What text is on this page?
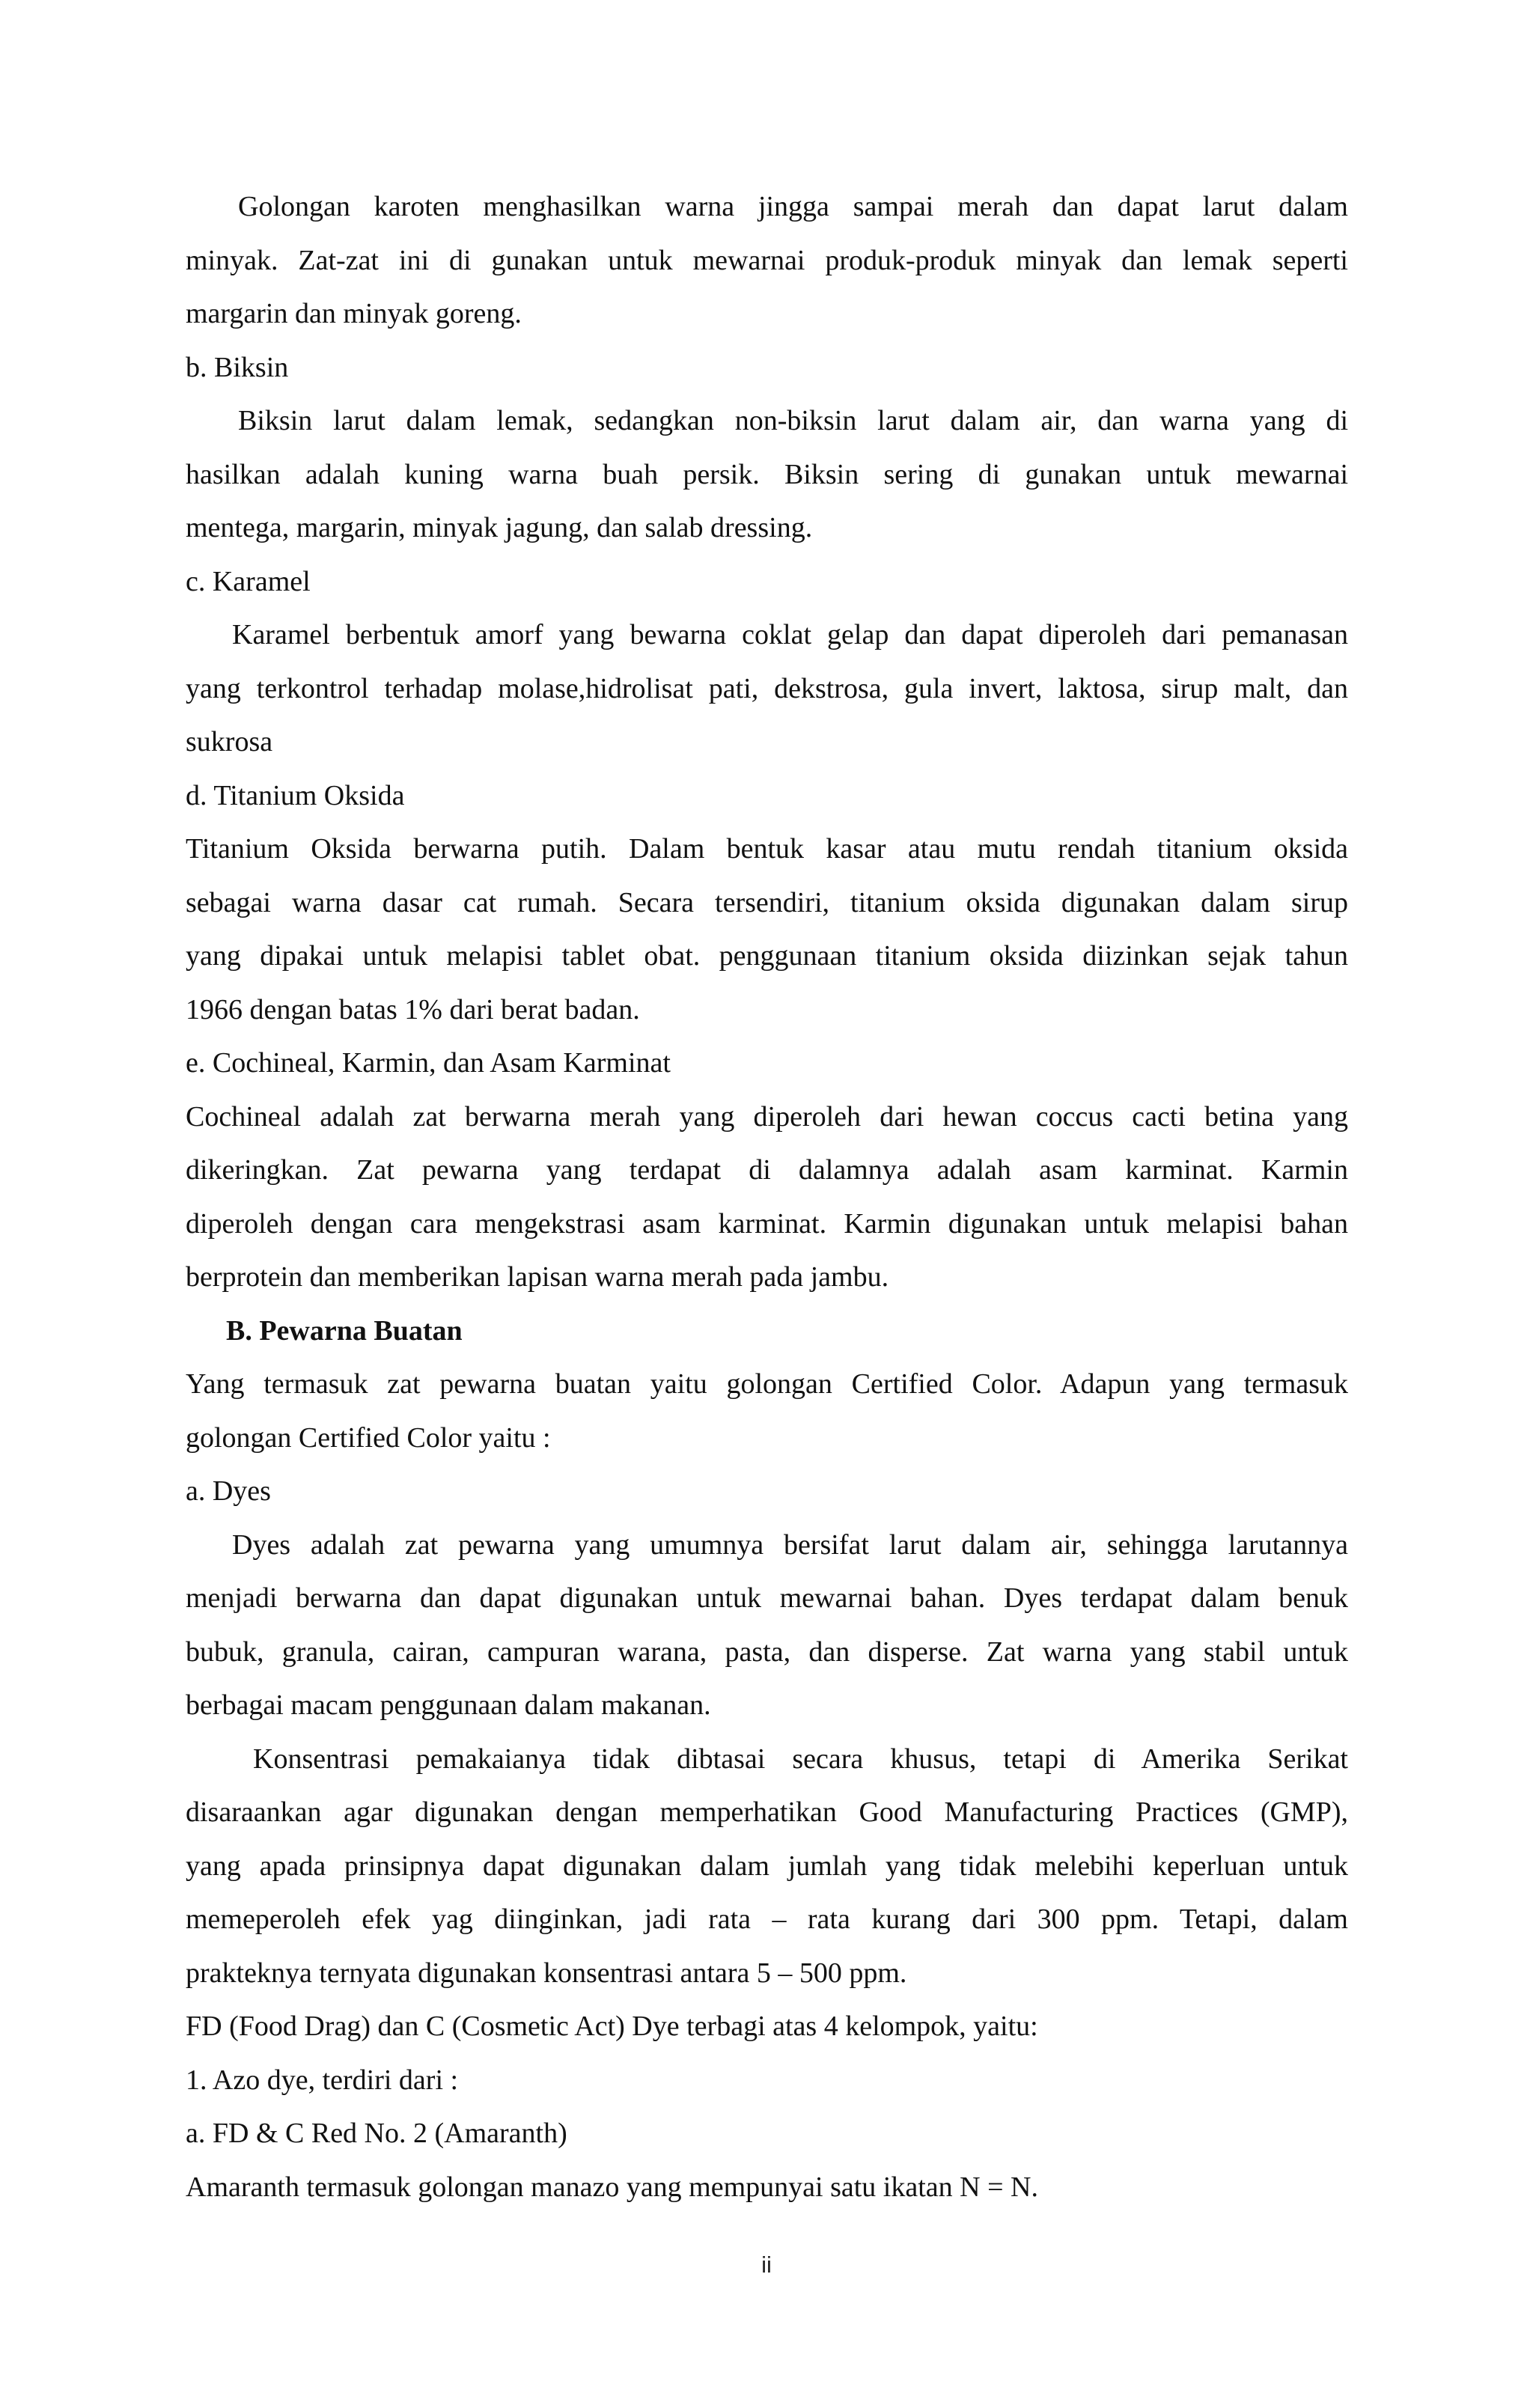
Golongan karoten menghasilkan warna jingga sampai merah dan dapat larut dalam
minyak. Zat-zat ini di gunakan untuk mewarnai produk-produk minyak dan lemak seperti
margarin dan minyak goreng.
b. Biksin
Biksin larut dalam lemak, sedangkan non-biksin larut dalam air, dan warna yang di
hasilkan adalah kuning warna buah persik. Biksin sering di gunakan untuk mewarnai
mentega, margarin, minyak jagung, dan salab dressing.
c. Karamel
Karamel berbentuk amorf yang bewarna coklat gelap dan dapat diperoleh dari pemanasan
yang terkontrol terhadap molase,hidrolisat pati, dekstrosa, gula invert, laktosa, sirup malt, dan
sukrosa
d. Titanium Oksida
Titanium Oksida berwarna putih. Dalam bentuk kasar atau mutu rendah titanium oksida
sebagai warna dasar cat rumah. Secara tersendiri, titanium oksida digunakan dalam sirup
yang dipakai untuk melapisi tablet obat. penggunaan titanium oksida diizinkan sejak tahun
1966 dengan batas 1% dari berat badan.
e. Cochineal, Karmin, dan Asam Karminat
Cochineal adalah zat berwarna merah yang diperoleh dari hewan coccus cacti betina yang
dikeringkan. Zat pewarna yang terdapat di dalamnya adalah asam karminat. Karmin
diperoleh dengan cara mengekstrasi asam karminat. Karmin digunakan untuk melapisi bahan
berprotein dan memberikan lapisan warna merah pada jambu.
B. Pewarna Buatan
Yang termasuk zat pewarna buatan yaitu golongan Certified Color. Adapun yang termasuk
golongan Certified Color yaitu :
a. Dyes
Dyes adalah zat pewarna yang umumnya bersifat larut dalam air, sehingga larutannya
menjadi berwarna dan dapat digunakan untuk mewarnai bahan. Dyes terdapat dalam benuk
bubuk, granula, cairan, campuran warana, pasta, dan disperse. Zat warna yang stabil untuk
berbagai macam penggunaan dalam makanan.
Konsentrasi pemakaianya tidak dibtasai secara khusus, tetapi di Amerika Serikat
disaraankan agar digunakan dengan memperhatikan Good Manufacturing Practices (GMP),
yang apada prinsipnya dapat digunakan dalam jumlah yang tidak melebihi keperluan untuk
memeperoleh efek yag diinginkan, jadi rata – rata kurang dari 300 ppm. Tetapi, dalam
prakteknya ternyata digunakan konsentrasi antara 5 – 500 ppm.
FD (Food Drag) dan C (Cosmetic Act) Dye terbagi atas 4 kelompok, yaitu:
1. Azo dye, terdiri dari :
a. FD & C Red No. 2 (Amaranth)
Amaranth termasuk golongan manazo yang mempunyai satu ikatan N = N.
ii
